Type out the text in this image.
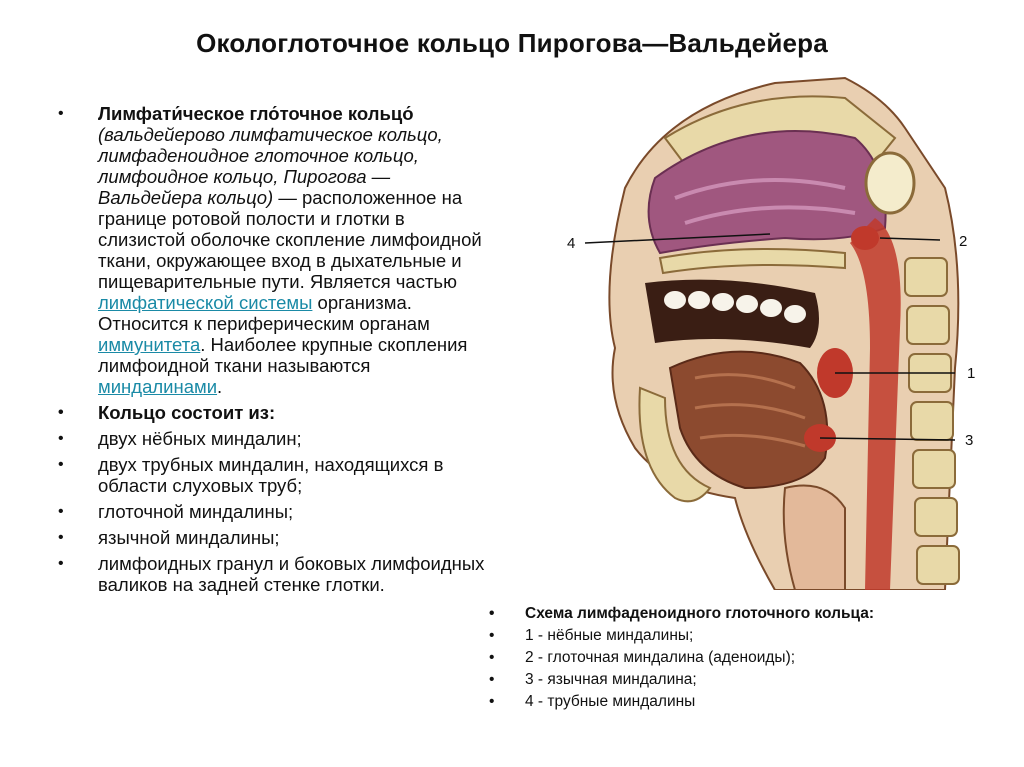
Окологлоточное кольцо Пирогова—Вальдейера
• Лимфати́ческое гло́точное кольцо́ (вальдейерово лимфатическое кольцо, лимфаденоидное глоточное кольцо, лимфоидное кольцо, Пирогова — Вальдейера кольцо) — расположенное на границе ротовой полости и глотки в слизистой оболочке скопление лимфоидной ткани, окружающее вход в дыхательные и пищеварительные пути. Является частью лимфатической системы организма. Относится к периферическим органам иммунитета. Наиболее крупные скопления лимфоидной ткани называются миндалинами.
• Кольцо состоит из:
• двух нёбных миндалин;
• двух трубных миндалин, находящихся в области слуховых труб;
• глоточной миндалины;
• язычной миндалины;
• лимфоидных гранул и боковых лимфоидных валиков на задней стенке глотки.
4	2
1
3
• Схема лимфаденоидного глоточного кольца:
• 1 - нёбные миндалины;
• 2 - глоточная миндалина (аденоиды);
• 3 - язычная миндалина;
• 4 - трубные миндалины
